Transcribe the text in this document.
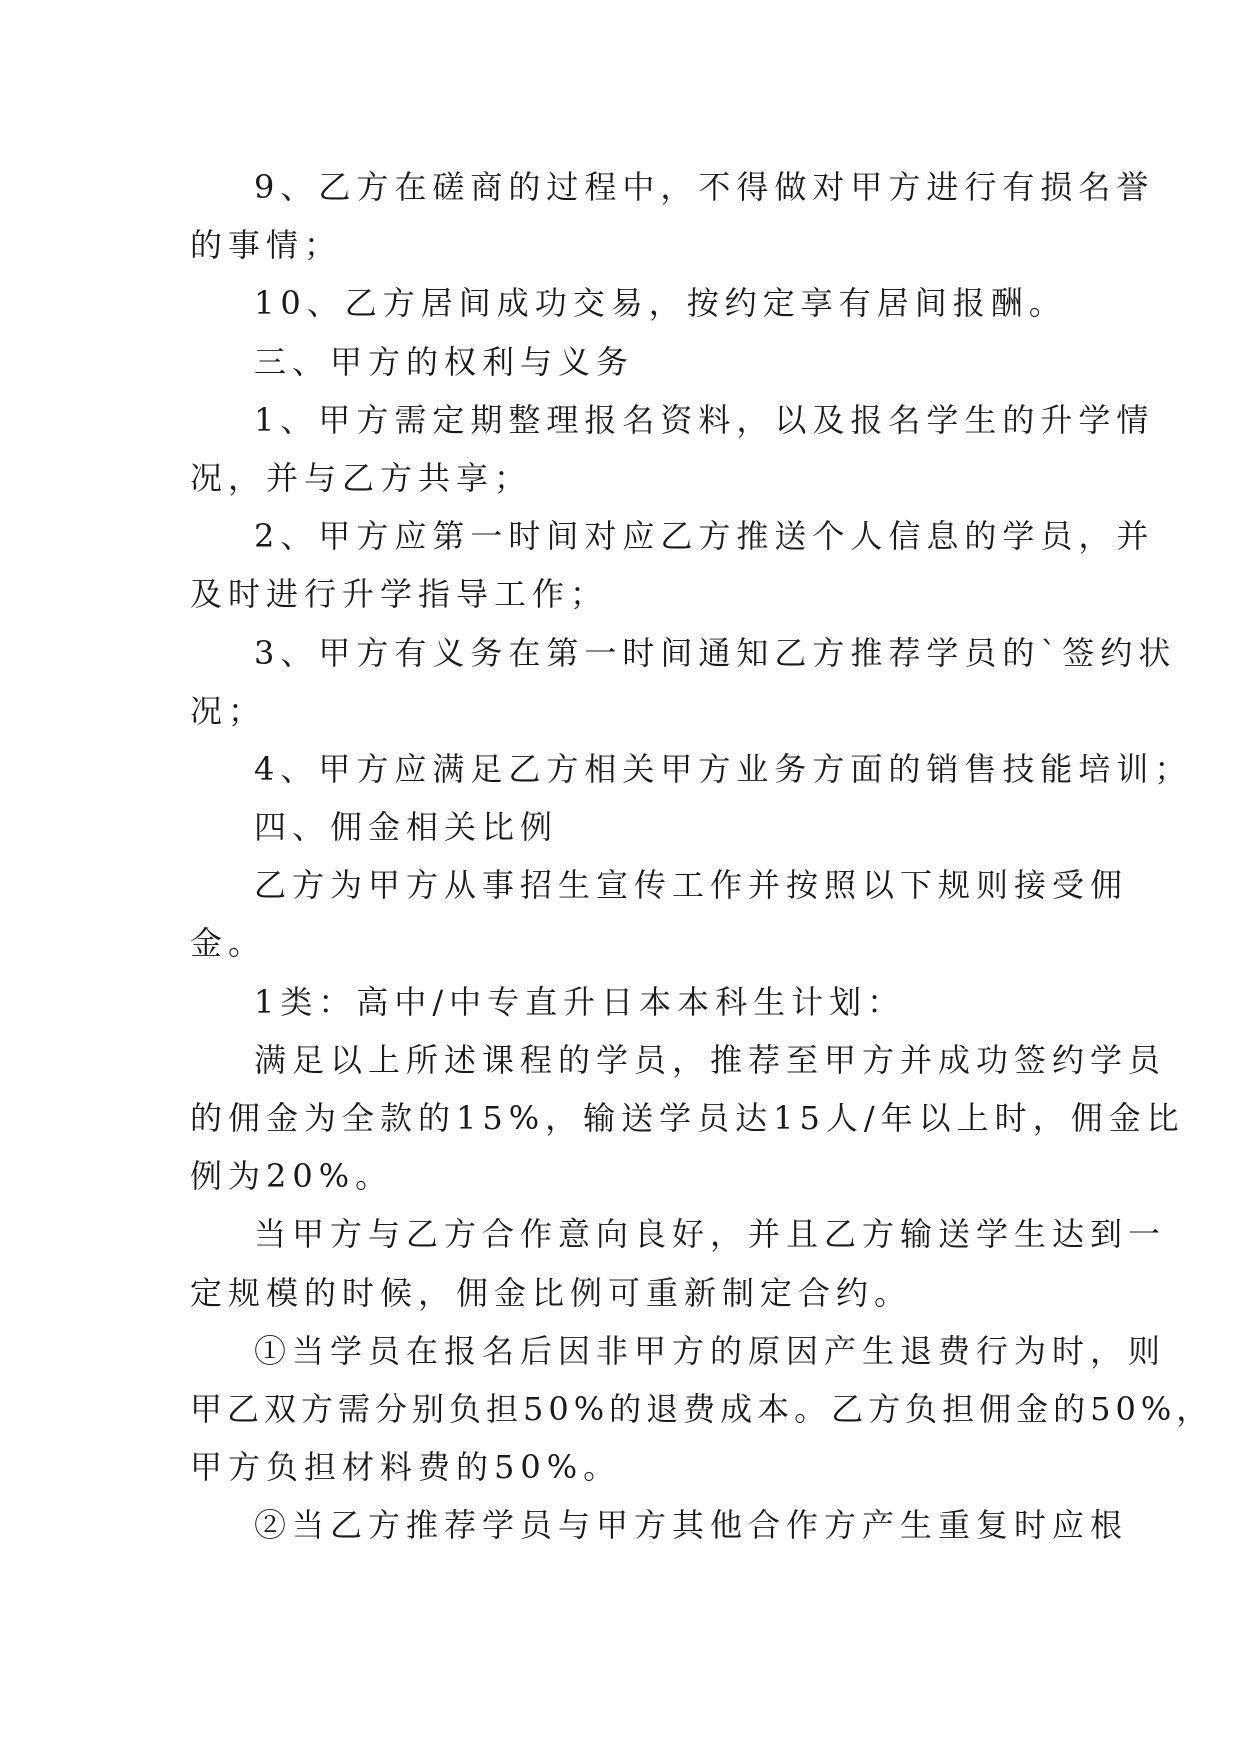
9、乙方在磋商的过程中，不得做对甲方进行有损名誉
的事情；
10、乙方居间成功交易，按约定享有居间报酬。
三、甲方的权利与义务
1、甲方需定期整理报名资料，以及报名学生的升学情
况，并与乙方共享；
2、甲方应第一时间对应乙方推送个人信息的学员，并
及时进行升学指导工作；
3、甲方有义务在第一时间通知乙方推荐学员的`签约状
况；
4、甲方应满足乙方相关甲方业务方面的销售技能培训；
四、佣金相关比例
乙方为甲方从事招生宣传工作并按照以下规则接受佣
金。
1类：高中/中专直升日本本科生计划：
满足以上所述课程的学员，推荐至甲方并成功签约学员
的佣金为全款的15%，输送学员达15人/年以上时，佣金比
例为20%。
当甲方与乙方合作意向良好，并且乙方输送学生达到一
定规模的时候，佣金比例可重新制定合约。
①当学员在报名后因非甲方的原因产生退费行为时，则
甲乙双方需分别负担50%的退费成本。乙方负担佣金的50%，
甲方负担材料费的50%。
②当乙方推荐学员与甲方其他合作方产生重复时应根
